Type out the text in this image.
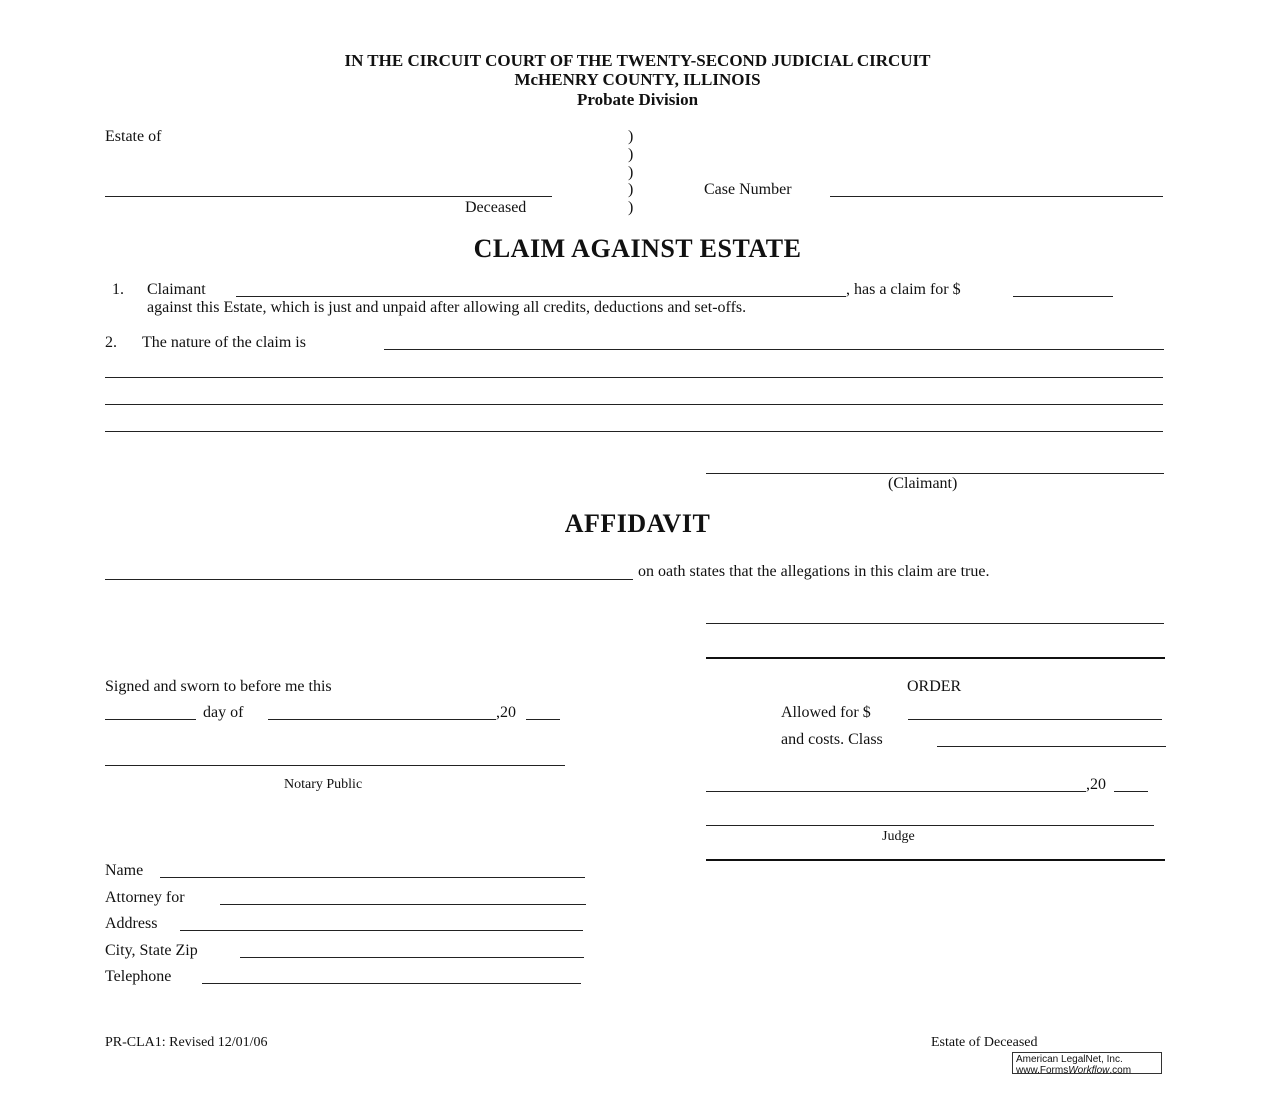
IN THE CIRCUIT COURT OF THE TWENTY-SECOND JUDICIAL CIRCUIT
McHENRY COUNTY, ILLINOIS
Probate Division
Estate of
Deceased
)
)
)
)
)
Case Number
CLAIM AGAINST ESTATE
1. Claimant	, has a claim for $
against this Estate, which is just and unpaid after allowing all credits, deductions and set-offs.
2. The nature of the claim is
(Claimant)
AFFIDAVIT
on oath states that the allegations in this claim are true.
Signed and sworn to before me this
day of	,20
Notary Public
ORDER
Allowed for $
and costs. Class
,20
Judge
Name
Attorney for
Address
City, State Zip
Telephone
PR-CLA1: Revised 12/01/06	Estate of Deceased
American LegalNet, Inc.
www.FormsWorkflow.com
